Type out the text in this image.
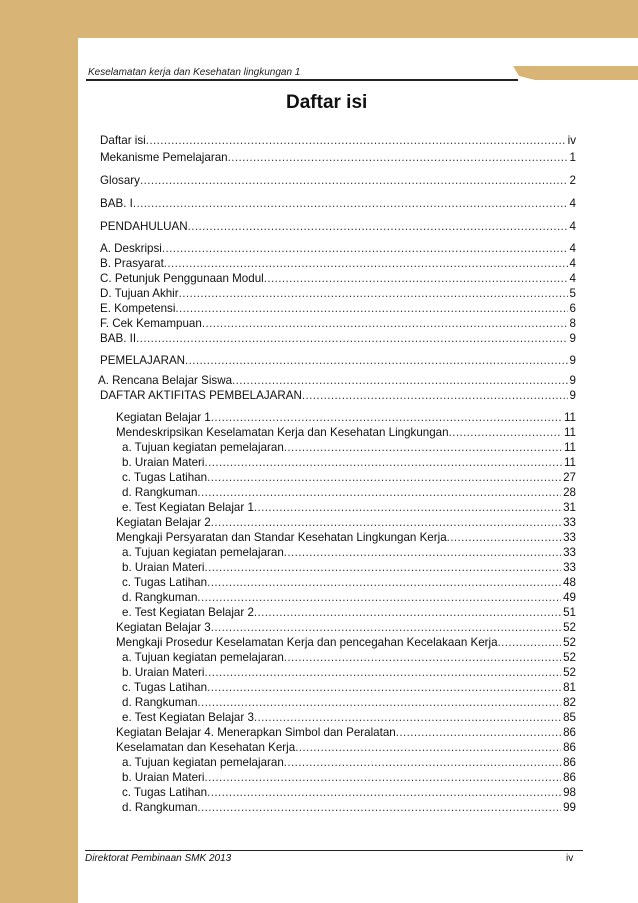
Keselamatan kerja dan Kesehatan lingkungan 1
Daftar isi
Daftar isi .....	iv
Mekanisme Pemelajaran .....	1
Glosary .....	2
BAB. I .....	4
PENDAHULUAN .....	4
A. Deskripsi .....	4
B. Prasyarat .....	4
C. Petunjuk Penggunaan Modul .....	4
D. Tujuan Akhir .....	5
E. Kompetensi .....	6
F. Cek Kemampuan .....	8
BAB. II .....	9
PEMELAJARAN .....	9
A. Rencana Belajar Siswa .....	9
DAFTAR AKTIFITAS PEMBELAJARAN .....	9
Kegiatan Belajar 1 .....	11
Mendeskripsikan Keselamatan Kerja dan Kesehatan Lingkungan .....	11
a. Tujuan kegiatan pemelajaran .....	11
b. Uraian Materi .....	11
c. Tugas Latihan .....	27
d. Rangkuman .....	28
e. Test Kegiatan Belajar 1 .....	31
Kegiatan Belajar 2 .....	33
Mengkaji Persyaratan dan Standar Kesehatan Lingkungan Kerja .....	33
a. Tujuan kegiatan pemelajaran .....	33
b. Uraian Materi .....	33
c. Tugas Latihan .....	48
d. Rangkuman .....	49
e. Test Kegiatan Belajar 2 .....	51
Kegiatan Belajar 3 .....	52
Mengkaji Prosedur Keselamatan Kerja dan pencegahan Kecelakaan Kerja .....	52
a. Tujuan kegiatan pemelajaran .....	52
b. Uraian Materi .....	52
c. Tugas Latihan .....	81
d. Rangkuman .....	82
e. Test Kegiatan Belajar 3 .....	85
Kegiatan Belajar 4. Menerapkan Simbol dan Peralatan .....	86
Keselamatan dan Kesehatan Kerja .....	86
a. Tujuan kegiatan pemelajaran .....	86
b. Uraian Materi .....	86
c. Tugas Latihan .....	98
d. Rangkuman .....	99
Direktorat Pembinaan SMK 2013	iv
